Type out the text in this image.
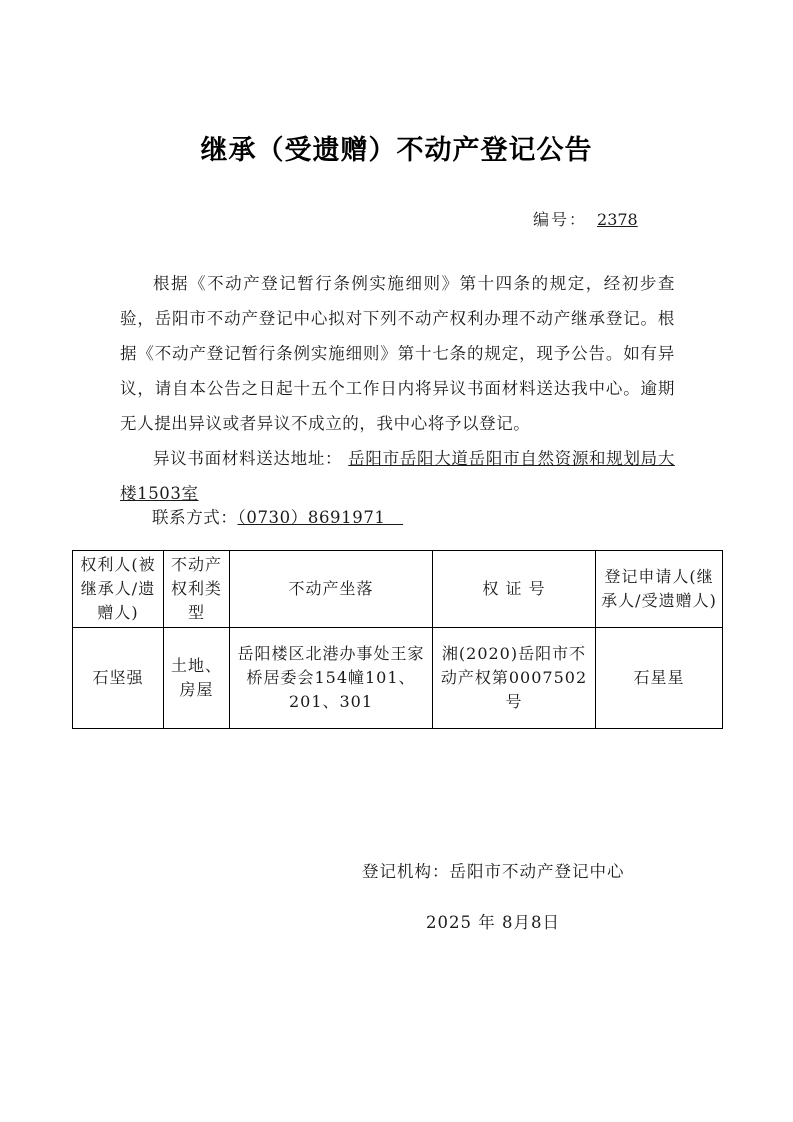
继承（受遗赠）不动产登记公告
编号： 2378

根据《不动产登记暂行条例实施细则》第十四条的规定，经初步查验，岳阳市不动产登记中心拟对下列不动产权利办理不动产继承登记。根据《不动产登记暂行条例实施细则》第十七条的规定，现予公告。如有异议，请自本公告之日起十五个工作日内将异议书面材料送达我中心。逾期无人提出异议或者异议不成立的，我中心将予以登记。

异议书面材料送达地址： 岳阳市岳阳大道岳阳市自然资源和规划局大楼1503室

联系方式：（0730）8691971
权利人(被继承人/遗赠人)	不动产权利类型	不动产坐落	权 证 号	登记申请人(继承人/受遗赠人)
石坚强	土地、房屋	岳阳楼区北港办事处王家桥居委会154幢101、201、301	湘(2020)岳阳市不动产权第0007502号	石星星
登记机构：岳阳市不动产登记中心
2025 年 8月8日
